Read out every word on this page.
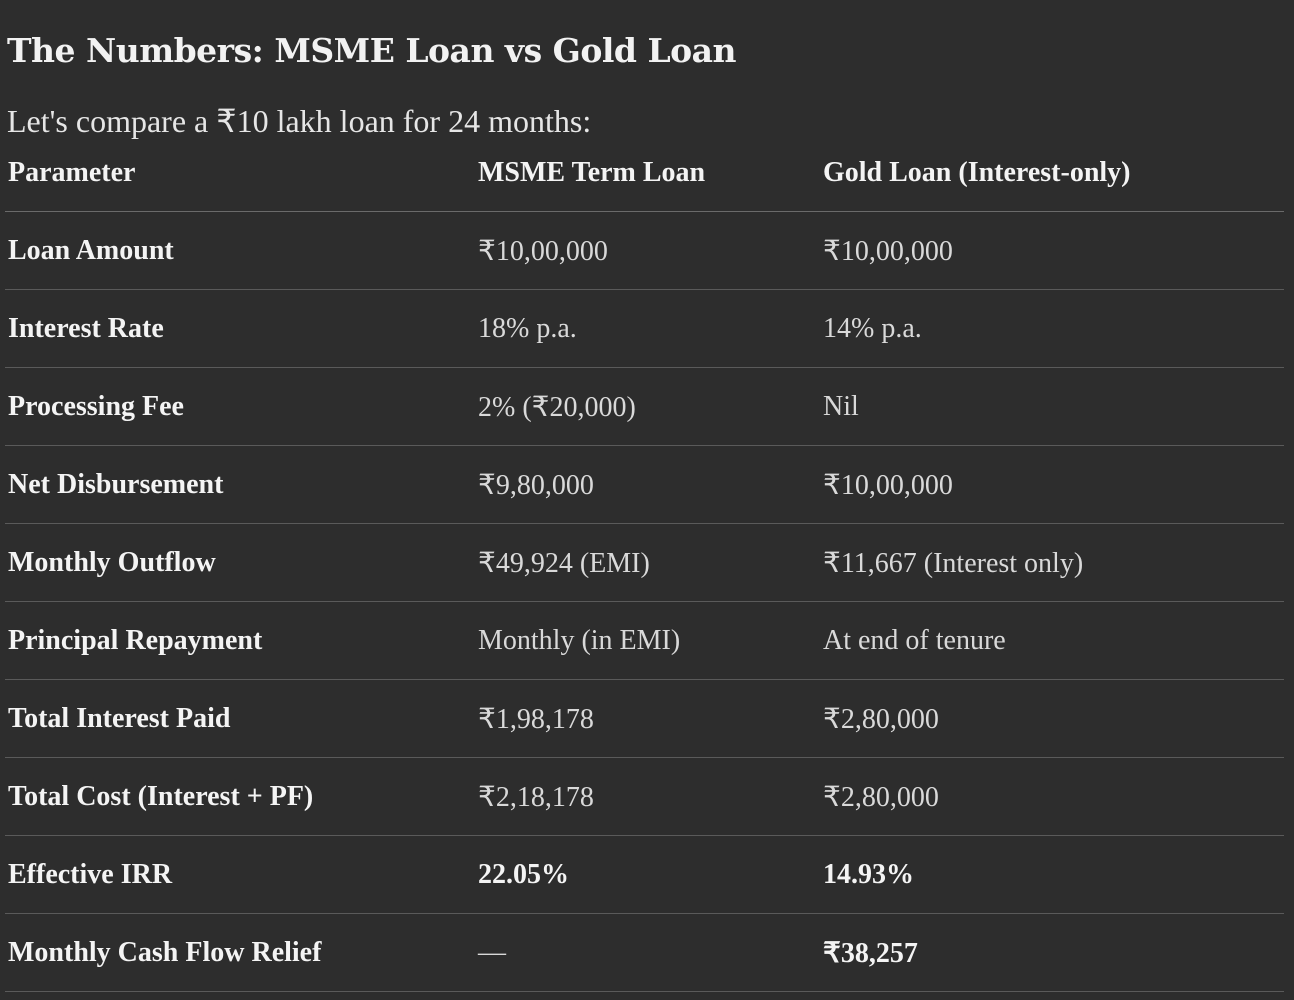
The Numbers: MSME Loan vs Gold Loan

Let's compare a ₹10 lakh loan for 24 months:

Parameter	MSME Term Loan	Gold Loan (Interest-only)
Loan Amount	₹10,00,000	₹10,00,000
Interest Rate	18% p.a.	14% p.a.
Processing Fee	2% (₹20,000)	Nil
Net Disbursement	₹9,80,000	₹10,00,000
Monthly Outflow	₹49,924 (EMI)	₹11,667 (Interest only)
Principal Repayment	Monthly (in EMI)	At end of tenure
Total Interest Paid	₹1,98,178	₹2,80,000
Total Cost (Interest + PF)	₹2,18,178	₹2,80,000
Effective IRR	22.05%	14.93%
Monthly Cash Flow Relief	—	₹38,257
